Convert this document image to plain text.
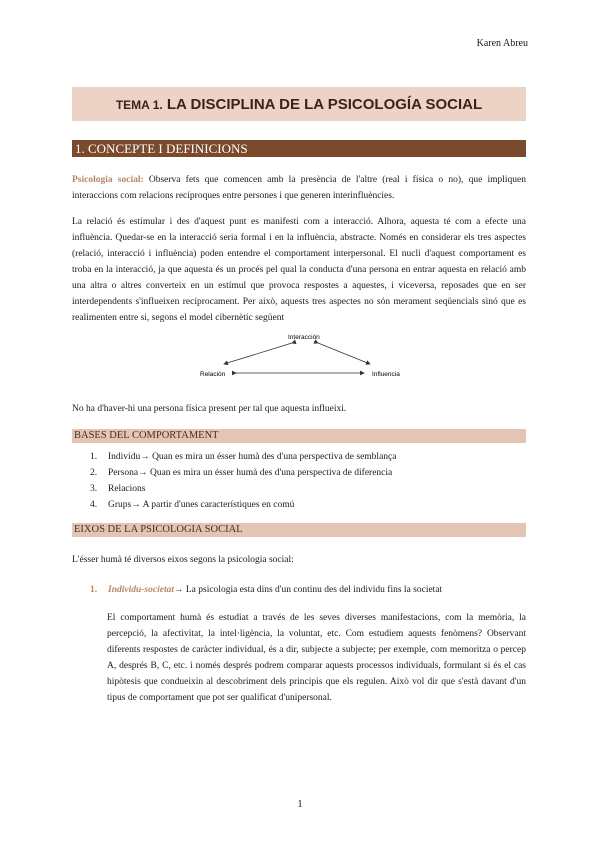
Karen Abreu
TEMA 1. LA DISCIPLINA DE LA PSICOLOGÍA SOCIAL
1. CONCEPTE I DEFINICIONS
Psicologia social: Observa fets que comencen amb la presència de l'altre (real i física o no), que impliquen interaccions com relacions recíproques entre persones i que generen interinfluències.
La relació és estímular i des d'aquest punt es manifesti com a interacció. Alhora, aquesta té com a efecte una influència. Quedar-se en la interacció seria formal i en la influència, abstracte. Només en considerar els tres aspectes (relació, interacció i influència) poden entendre el comportament interpersonal. El nucli d'aquest comportament es troba en la interacció, ja que aquesta és un procés pel qual la conducta d'una persona en entrar aquesta en relació amb una altra o altres converteix en un estímul que provoca respostes a aquestes, i viceversa, reposades que en ser interdependents s'influeixen recíprocament. Per això, aquests tres aspectes no són merament seqüencials sinó que es realimenten entre si, segons el model cibernètic següent
Interacción
Relación	Influencia
No ha d'haver-hi una persona física present per tal que aquesta influeixi.
BASES DEL COMPORTAMENT
1. Individu→ Quan es mira un ésser humà des d'una perspectiva de semblança
2. Persona→ Quan es mira un ésser humà des d'una perspectiva de diferencia
3. Relacions
4. Grups→ A partir d'unes característiques en comú
EIXOS DE LA PSICOLOGIA SOCIAL
L'ésser humà té diversos eixos segons la psicologia social:
1. Individu-societat→ La psicologia esta dins d'un continu des del individu fins la societat
El comportament humà és estudiat a través de les seves diverses manifestacions, com la memòria, la percepció, la afectivitat, la intel·ligència, la voluntat, etc. Com estudiem aquests fenòmens? Observant diferents respostes de caràcter individual, és a dir, subjecte a subjecte; per exemple, com memoritza o percep A, després B, C, etc. i només després podrem comparar aquests processos individuals, formulant si és el cas hipòtesis que condueixin al descobriment dels principis que els regulen. Això vol dir que s'està davant d'un tipus de comportament que pot ser qualificat d'unipersonal.
1
